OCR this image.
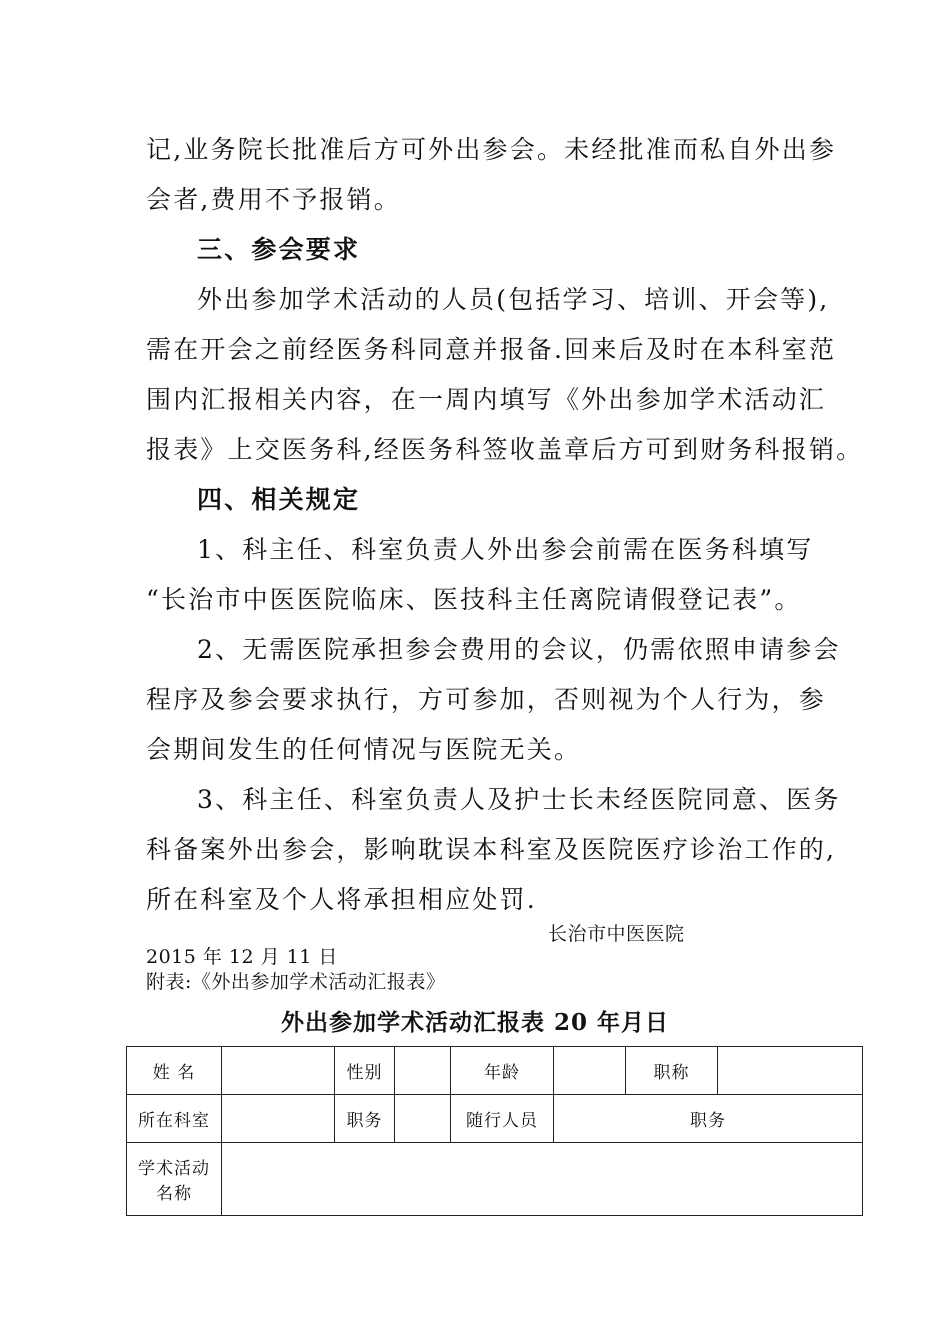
记,业务院长批准后方可外出参会。未经批准而私自外出参
会者,费用不予报销。
三、参会要求
外出参加学术活动的人员(包括学习、培训、开会等),
需在开会之前经医务科同意并报备.回来后及时在本科室范
围内汇报相关内容，在一周内填写《外出参加学术活动汇
报表》上交医务科,经医务科签收盖章后方可到财务科报销。
四、相关规定
1、科主任、科室负责人外出参会前需在医务科填写
“长治市中医医院临床、医技科主任离院请假登记表”。
2、无需医院承担参会费用的会议，仍需依照申请参会
程序及参会要求执行，方可参加，否则视为个人行为，参
会期间发生的任何情况与医院无关。
3、科主任、科室负责人及护士长未经医院同意、医务
科备案外出参会，影响耽误本科室及医院医疗诊治工作的,
所在科室及个人将承担相应处罚.
长治市中医医院
2015 年 12 月 11 日
附表:《外出参加学术活动汇报表》
外出参加学术活动汇报表 20 年月日
姓 名		性别		年龄		职称	
所在科室		职务		随行人员	职务		

学术活动
名称							
